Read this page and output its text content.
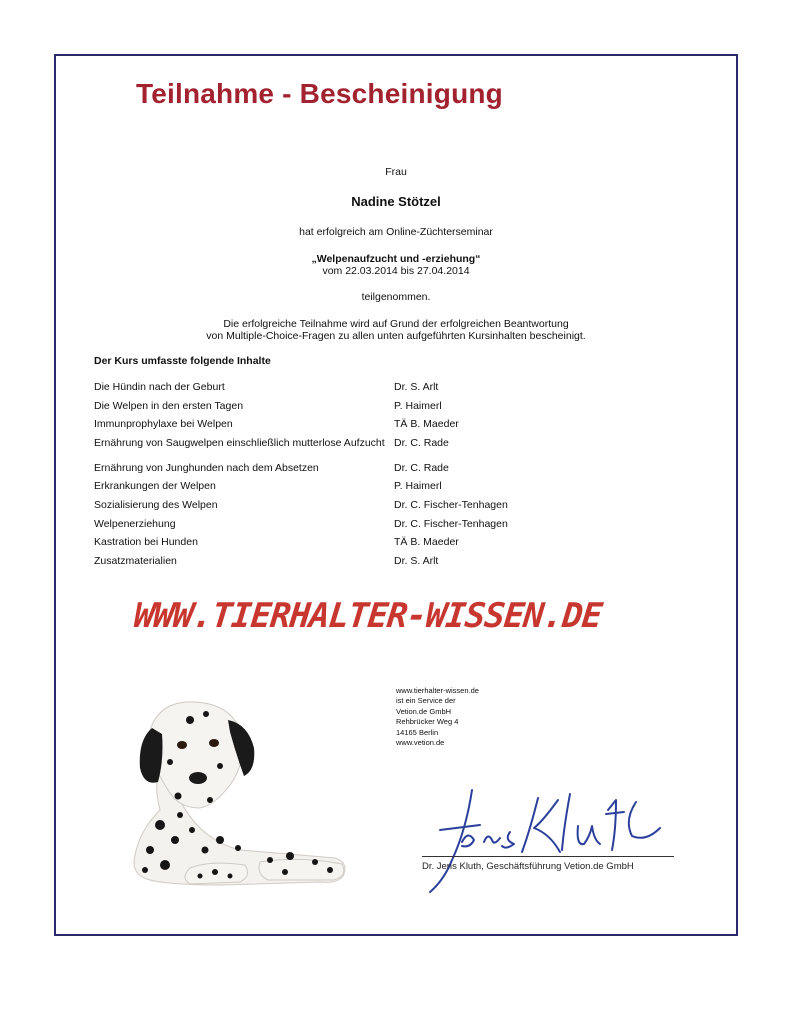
Teilnahme - Bescheinigung
Frau
Nadine Stötzel
hat erfolgreich am Online-Züchterseminar
„Welpenaufzucht und -erziehung“
vom 22.03.2014 bis 27.04.2014
teilgenommen.
Die erfolgreiche Teilnahme wird auf Grund der erfolgreichen Beantwortung
von Multiple-Choice-Fragen zu allen unten aufgeführten Kursinhalten bescheinigt.
Der Kurs umfasste folgende Inhalte
Die Hündin nach der Geburt	Dr. S. Arlt
Die Welpen in den ersten Tagen	P. Haimerl
Immunprophylaxe bei Welpen	TÄ B. Maeder
Ernährung von Saugwelpen einschließlich mutterlose Aufzucht Dr. C. Rade
Ernährung von Junghunden nach dem Absetzen	Dr. C. Rade
Erkrankungen der Welpen	P. Haimerl
Sozialisierung des Welpen	Dr. C. Fischer-Tenhagen
Welpenerziehung	Dr. C. Fischer-Tenhagen
Kastration bei Hunden	TÄ B. Maeder
Zusatzmaterialien	Dr. S. Arlt
WWW.TIERHALTER-WISSEN.DE
www.tierhalter-wissen.de
ist ein Service der
Vetion.de GmbH
Rehbrücker Weg 4
14165 Berlin
www.vetion.de
Dr. Jens Kluth, Geschäftsführung Vetion.de GmbH
